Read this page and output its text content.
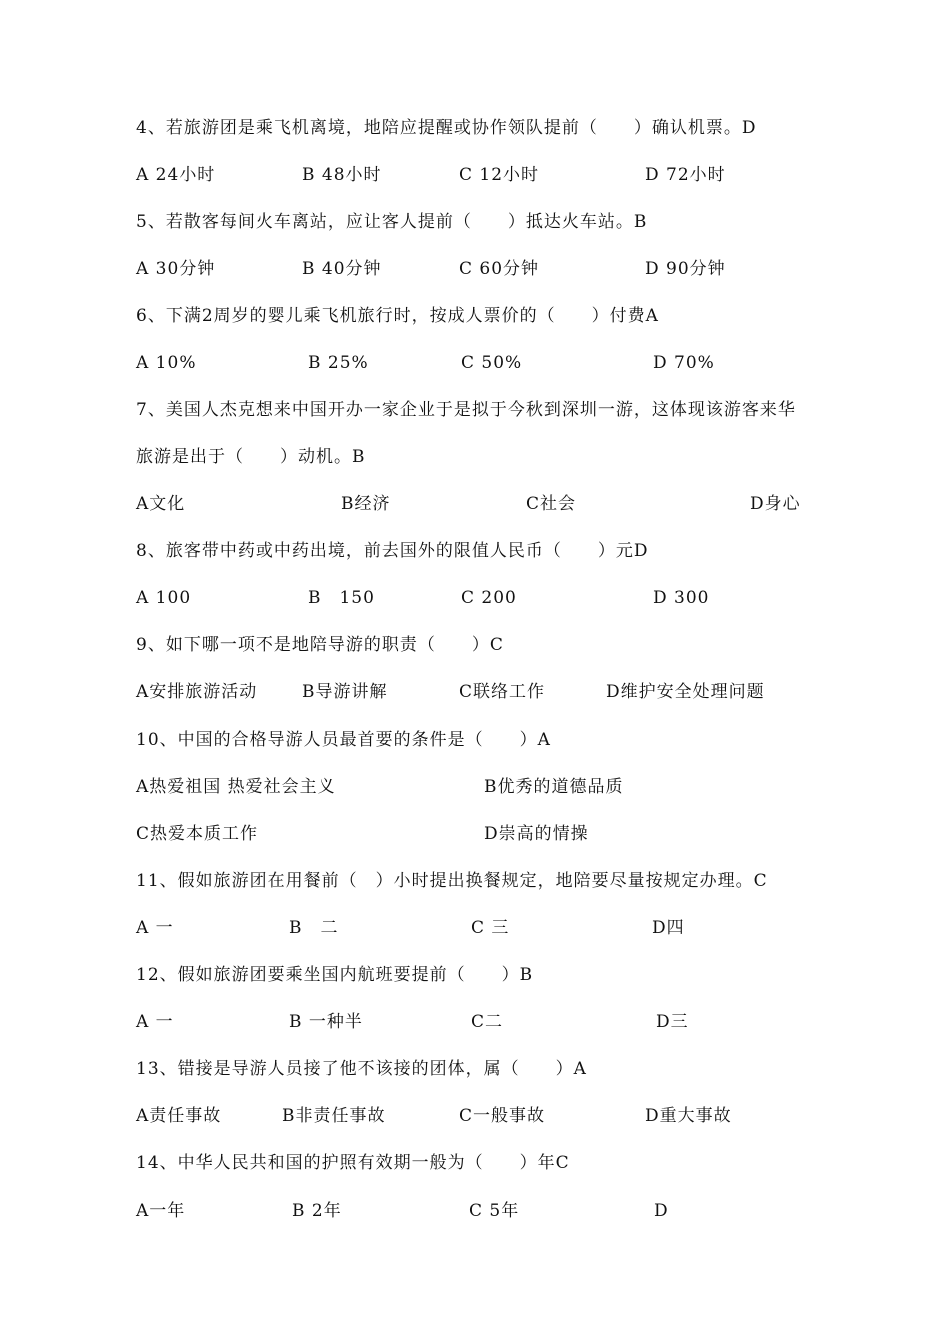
4、若旅游团是乘飞机离境，地陪应提醒或协作领队提前（　　）确认机票。D
A 24小时	B 48小时	C 12小时	D 72小时
5、若散客每间火车离站，应让客人提前（　　）抵达火车站。B
A 30分钟	B 40分钟	C 60分钟	D 90分钟
6、下满2周岁的婴儿乘飞机旅行时，按成人票价的（　　）付费A
A 10%	B 25%	C 50%	D 70%
7、美国人杰克想来中国开办一家企业于是拟于今秋到深圳一游，这体现该游客来华
旅游是出于（　　）动机。B
A文化	B经济	C社会	D身心
8、旅客带中药或中药出境，前去国外的限值人民币（　　）元D
A 100	B　150	C 200	D 300
9、如下哪一项不是地陪导游的职责（　　）C
A安排旅游活动	B导游讲解	C联络工作	D维护安全处理问题
10、中国的合格导游人员最首要的条件是（　　）A
A热爱祖国 热爱社会主义	B优秀的道德品质
C热爱本质工作	D崇高的情操
11、假如旅游团在用餐前（　）小时提出换餐规定，地陪要尽量按规定办理。C
A 一	B　二	C 三	D四
12、假如旅游团要乘坐国内航班要提前（　　）B
A 一	B 一种半	C二	D三
13、错接是导游人员接了他不该接的团体，属（　　）A
A责任事故	B非责任事故	C一般事故	D重大事故
14、中华人民共和国的护照有效期一般为（　　）年C
A一年	B 2年	C 5年	D
